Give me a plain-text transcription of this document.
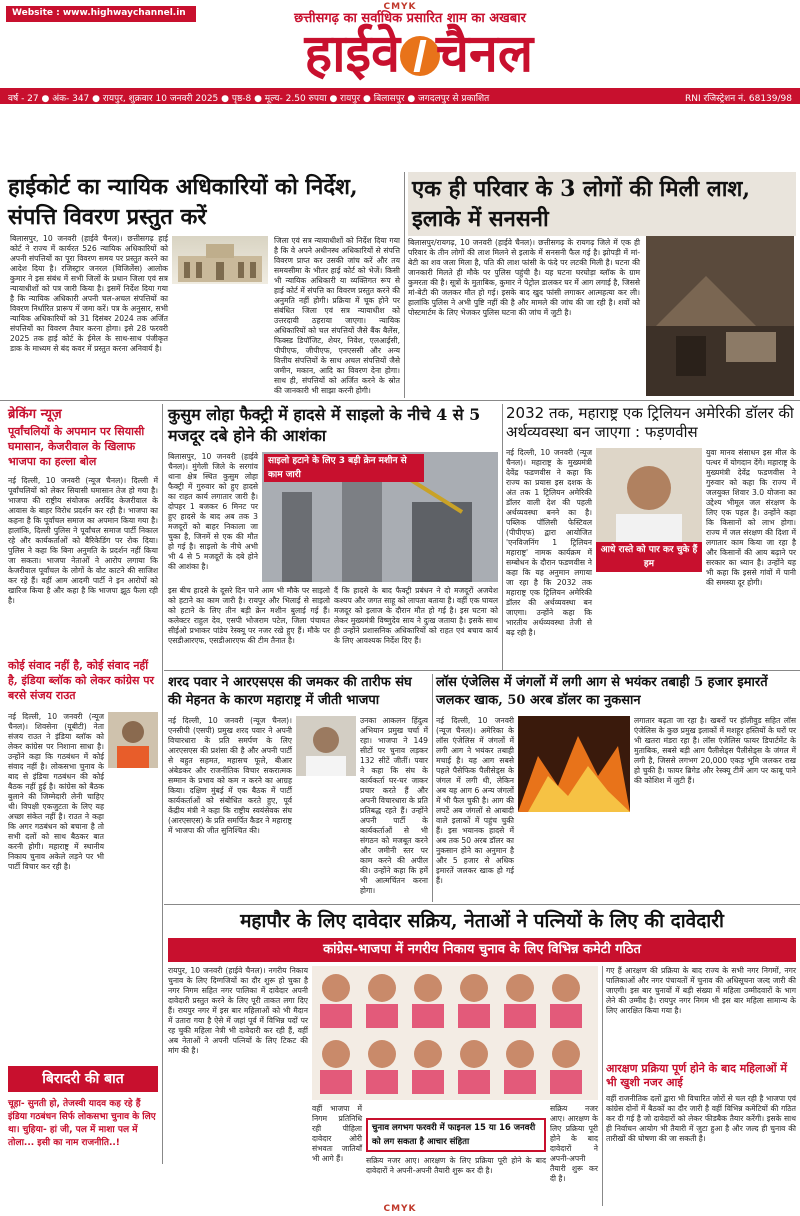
CMYK
Website : www.highwaychannel.in	छत्तीसगढ़ का सर्वाधिक प्रसारित शाम का अखबार
हाईवे चैनल
वर्ष - 27 ● अंक- 347 ● रायपुर, शुक्रवार 10 जनवरी 2025 ● पृष्ठ-8 ● मूल्य- 2.50 रुपया ● रायपुर ● बिलासपुर ● जगदलपुर से प्रकाशित	RNI रजिस्ट्रेशन नं. 68139/98
हाईकोर्ट का न्यायिक अधिकारियों को निर्देश, संपत्ति विवरण प्रस्तुत करें
बिलासपुर, 10 जनवरी (हाईवे चैनल)। छत्तीसगढ़ हाई कोर्ट ने राज्य में कार्यरत 526 न्यायिक अधिकारियों को अपनी संपत्तियों का पूरा विवरण समय पर प्रस्तुत करने का आदेश दिया है। रजिस्ट्रार जनरल (विजिलेंस) आलोक कुमार ने इस संबंध में सभी जिलों के प्रधान जिला एवं सत्र न्यायाधीशों को पत्र जारी किया है। इसमें निर्देश दिया गया है कि न्यायिक अधिकारी अपनी चल-अचल संपत्तियों का विवरण निर्धारित प्रारूप में जमा करें। पत्र के अनुसार, सभी न्यायिक अधिकारियों को 31 दिसंबर 2024 तक अर्जित संपत्तियों का विवरण तैयार करना होगा। इसे 28 फरवरी 2025 तक हाई कोर्ट के ईमेल के साथ-साथ पंजीकृत डाक के माध्यम से बंद कवर में प्रस्तुत करना अनिवार्य है।
जिला एवं सत्र न्यायाधीशों को निर्देश दिया गया है कि वे अपने अधीनस्थ अधिकारियों से संपत्ति विवरण प्राप्त कर उसकी जांच करें और तय समयसीमा के भीतर हाई कोर्ट को भेजें। किसी भी न्यायिक अधिकारी या व्यक्तिगत रूप से हाई कोर्ट में संपत्ति का विवरण प्रस्तुत करने की अनुमति नहीं होगी। प्रक्रिया में चूक होने पर संबंधित जिला एवं सत्र न्यायाधीश को उत्तरदायी ठहराया जाएगा। न्यायिक अधिकारियों को चल संपत्तियों जैसे बैंक बैलेंस, फिक्स्ड डिपॉजिट, शेयर, निवेश, एलआईसी, पीपीएफ, जीपीएफ, एनएससी और अन्य वित्तीय संपत्तियों के साथ अचल संपत्तियों जैसे जमीन, मकान, आदि का विवरण देना होगा। साथ ही, संपत्तियों को अर्जित करने के स्रोत की जानकारी भी साझा करनी होगी।
एक ही परिवार के 3 लोगों की मिली लाश, इलाके में सनसनी
बिलासपुर/रायगढ़, 10 जनवरी (हाईवे चैनल)। छत्तीसगढ़ के रायगढ़ जिले में एक ही परिवार के तीन लोगों की लाश मिलने से इलाके में सनसनी फैल गई है। झोपड़ी में मां-बेटी का शव जला मिला है, पति की लाश फांसी के फंदे पर लटकी मिली है। घटना की जानकारी मिलते ही मौके पर पुलिस पहुंची है। यह घटना घरघोड़ा ब्लॉक के ग्राम कुमरता की है। सूत्रों के मुताबिक, कुमार ने पेट्रोल डालकर घर में आग लगाई है, जिससे मां-बेटी की जलकर मौत हो गई। इसके बाद खुद फांसी लगाकर आत्महत्या कर ली। हालांकि पुलिस ने अभी पुष्टि नहीं की है और मामले की जांच की जा रही है। शवों को पोस्टमार्टम के लिए भेजकर पुलिस घटना की जांच में जुटी है।
ब्रेकिंग न्यूज़
पूर्वांचलियों के अपमान पर सियासी घमासान, केजरीवाल के खिलाफ भाजपा का हल्ला बोल
नई दिल्ली, 10 जनवरी (न्यूज चैनल)। दिल्ली में पूर्वांचलियों को लेकर सियासी घमासान तेज हो गया है। भाजपा की राष्ट्रीय संयोजक अरविंद केजरीवाल के आवास के बाहर विरोध प्रदर्शन कर रही है। भाजपा का कहना है कि पूर्वांचल समाज का अपमान किया गया है। हालांकि, दिल्ली पुलिस ने पूर्वांचल समाज पार्टी निकाल रहे और कार्यकर्ताओं को बैरिकेडिंग पर रोक दिया। पुलिस ने कहा कि बिना अनुमति के प्रदर्शन नहीं किया जा सकता। भाजपा नेताओं ने आरोप लगाया कि केजरीवाल पूर्वांचल के लोगों के वोट काटने की साजिश कर रहे हैं। वहीं आम आदमी पार्टी ने इन आरोपों को खारिज किया है और कहा है कि भाजपा झूठ फैला रही है।
कोई संवाद नहीं है, कोई संवाद नहीं है, इंडिया ब्लॉक को लेकर कांग्रेस पर बरसे संजय राउत
नई दिल्ली, 10 जनवरी (न्यूज चैनल)। शिवसेना (यूबीटी) नेता संजय राउत ने इंडिया ब्लॉक को लेकर कांग्रेस पर निशाना साधा है। उन्होंने कहा कि गठबंधन में कोई संवाद नहीं है। लोकसभा चुनाव के बाद से इंडिया गठबंधन की कोई बैठक नहीं हुई है। कांग्रेस को बैठक बुलाने की जिम्मेदारी लेनी चाहिए थी। विपक्षी एकजुटता के लिए यह अच्छा संकेत नहीं है। राउत ने कहा कि अगर गठबंधन को बचाना है तो सभी दलों को साथ बैठकर बात करनी होगी। महाराष्ट्र में स्थानीय निकाय चुनाव अकेले लड़ने पर भी पार्टी विचार कर रही है।
बिरादरी की बात
चूहा- सुनती हो, तेजस्वी यादव कह रहे हैं इंडिया गठबंधन सिर्फ लोकसभा चुनाव के लिए था। चुहिया- हां जी, पल में माशा पल में तोला... इसी का नाम राजनीति..!
कुसुम लोहा फैक्ट्री में हादसे में साइलो के नीचे 4 से 5 मजदूर दबे होने की आशंका
साइलो हटाने के लिए 3 बड़ी क्रेन मशीन से काम जारी
बिलासपुर, 10 जनवरी (हाईवे चैनल)। मुंगेली जिले के सरगांव थाना क्षेत्र स्थित कुसुम लोहा फैक्ट्री में गुरुवार को हुए हादसे का राहत कार्य लगातार जारी है। दोपहर 1 बजकर 6 मिनट पर हुए हादसे के बाद अब तक 3 मजदूरों को बाहर निकाला जा चुका है, जिनमें से एक की मौत हो गई है। साइलो के नीचे अभी भी 4 से 5 मजदूरों के दबे होने की आशंका है।
इस बीच हादसे के दूसरे दिन पाने आम भी मौके पर साइलो को हटाने का काम जारी है। रायपुर और भिलाई से साइलो को हटाने के लिए तीन बड़ी क्रेन मशीन बुलाई गई हैं। कलेक्टर राहुल देव, एसपी भोजराम पटेल, जिला पंचायत सीईओ प्रभाकर पांडेय रेस्क्यू पर नजर रखे हुए हैं। मौके पर एसडीआरएफ, एसडीआरएफ की टीम तैनात है।
दैं कि हादसे के बाद फैक्ट्री प्रबंधन ने दो मजदूरों अजयेश कश्यप और जगत साहू को लापता बताया है। वहीं एक घायल मजदूर को इलाज के दौरान मौत हो गई है। इस घटना को लेकर मुख्यमंत्री विष्णुदेव साय ने दुःख जताया है। इसके साथ ही उन्होंने प्रशासनिक अधिकारियों को राहत एवं बचाव कार्य के लिए आवश्यक निर्देश दिए हैं।
2032 तक, महाराष्ट्र एक ट्रिलियन अमेरिकी डॉलर की अर्थव्यवस्था बन जाएगा : फड़णवीस
आधे रास्ते को पार कर चुके हैं हम
नई दिल्ली, 10 जनवरी (न्यूज चैनल)। महाराष्ट्र के मुख्यमंत्री देवेंद्र फडणवीस ने कहा कि राज्य का प्रयास इस दशक के अंत तक 1 ट्रिलियन अमेरिकी डॉलर वाली देश की पहली अर्थव्यवस्था बनने का है। पब्लिक पॉलिसी फेस्टिवल (पीपीएफ) द्वारा आयोजित 'एनविजनिंग 1 ट्रिलियन महाराष्ट्र' नामक कार्यक्रम में सम्बोधन के दौरान फडणवीस ने कहा कि यह अनुमान लगाया जा रहा है कि 2032 तक महाराष्ट्र एक ट्रिलियन अमेरिकी डॉलर की अर्थव्यवस्था बन जाएगा। उन्होंने कहा कि भारतीय अर्थव्यवस्था तेजी से बढ़ रही है।
युवा मानव संसाधन इस मील के पत्थर में योगदान देंगे। महाराष्ट्र के मुख्यमंत्री देवेंद्र फडणवीस ने गुरुवार को कहा कि राज्य में जलयुक्त शिवार 3.0 योजना का उद्देश्य भीमूल जल संरक्षण के लिए एक पहल है। उन्होंने कहा कि किसानों को लाभ होगा। राज्य में जल संरक्षण की दिशा में लगातार काम किया जा रहा है और किसानों की आय बढ़ाने पर सरकार का ध्यान है। उन्होंने यह भी कहा कि इससे गांवों में पानी की समस्या दूर होगी।
शरद पवार ने आरएसएस की जमकर की तारीफ संघ की मेहनत के कारण महाराष्ट्र में जीती भाजपा
नई दिल्ली, 10 जनवरी (न्यूज चैनल)। एनसीपी (एसपी) प्रमुख शरद पवार ने अपनी विचारधारा के प्रति समर्पण के लिए आरएसएस की प्रशंसा की है और अपनी पार्टी से बहुत सहमत, महासच फूले, बीआर अंबेडकर और राजनीतिक विचार सकरात्मक सम्मान के प्रभाव को कम न करने का आग्रह किया। दक्षिण मुंबई में एक बैठक में पार्टी कार्यकर्ताओं को संबोधित करते हुए, पूर्व केंद्रीय मंत्री ने कहा कि राष्ट्रीय स्वयंसेवक संघ (आरएसएस) के प्रति समर्पित कैडर ने महाराष्ट्र में भाजपा की जीत सुनिश्चित की।
उनका आकलन हिंदुत्व अभियान प्रमुख चर्चा में रहा। भाजपा ने 149 सीटों पर चुनाव लड़कर 132 सीटें जीतीं। पवार ने कहा कि संघ के कार्यकर्ता घर-घर जाकर प्रचार करते हैं और अपनी विचारधारा के प्रति प्रतिबद्ध रहते हैं। उन्होंने अपनी पार्टी के कार्यकर्ताओं से भी संगठन को मजबूत करने और जमीनी स्तर पर काम करने की अपील की। उन्होंने कहा कि हमें भी आत्मचिंतन करना होगा।
लॉस एंजेलिस में जंगलों में लगी आग से भयंकर तबाही 5 हजार इमारतें जलकर खाक, 50 अरब डॉलर का नुकसान
नई दिल्ली, 10 जनवरी (न्यूज चैनल)। अमेरिका के लॉस एंजेलिस में जंगलों में लगी आग ने भयंकर तबाही मचाई है। यह आग सबसे पहले पैसेफिक पैलीसेड्स के जंगल में लगी थी, लेकिन अब यह आग 6 अन्य जंगलों में भी फैल चुकी है। आग की लपटें अब जंगलों से आबादी वाले इलाकों में पहुंच चुकी हैं। इस भयानक हादसे में अब तक 50 अरब डॉलर का नुकसान होने का अनुमान है और 5 हजार से अधिक इमारतें जलकर खाक हो गई हैं।
लगातार बढ़ता जा रहा है। खबरों पर हॉलीवुड सहित लॉस एंजेलिस के कुछ प्रमुख इलाकों में मशहूर हस्तियों के घरों पर भी खतरा मंडरा रहा है। लॉस एंजेलिस फायर डिपार्टमेंट के मुताबिक, सबसे बड़ी आग पैलीसेड्स पैलीसेड्स के जंगल में लगी है, जिससे लगभग 20,000 एकड़ भूमि जलकर राख हो चुकी है। फायर ब्रिगेड और रेस्क्यू टीमें आग पर काबू पाने की कोशिश में जुटी हैं।
महापौर के लिए दावेदार सक्रिय, नेताओं ने पत्नियों के लिए की दावेदारी
कांग्रेस-भाजपा में नगरीय निकाय चुनाव के लिए विभिन्न कमेटी गठित
रायपुर, 10 जनवरी (हाईवे चैनल)। नगरीय निकाय चुनाव के लिए दिग्गजियों का दौर शुरू हो चुका है नगर निगम सहित नगर पालिका में दावेदार अपनी दावेदारी प्रस्तुत करने के लिए पूरी ताकत लगा दिए हैं। रायपुर नगर में इस बार महिलाओं को भी मैदान में उतारा गया है ऐसे में जहां पूर्व में विभिन्न पदों पर रह चुकी महिला नेत्री भी दावेदारी कर रही हैं, वहीं अब नेताओं ने अपनी पत्नियों के लिए टिकट की मांग की है।
वहीं भाजपा में निगम प्रतिनिधि रही पीहिला दावेदार ओरी संभवतः जातियाँ भी आगे हैं।
चुनाव लगभग फरवरी में फाइनल 15 या 16 जनवरी को लग सकता है आचार संहिता
सक्रिय नजर आए। आरक्षण के लिए प्रक्रिया पूरी होने के बाद दावेदारों ने अपनी-अपनी तैयारी शुरू कर दी है।
सक्रिय नजर आए। आरक्षण के लिए प्रक्रिया पूरी होने के बाद दावेदारों ने अपनी-अपनी तैयारी शुरू कर दी है।
गए हैं आरक्षण की प्रक्रिया के बाद राज्य के सभी नगर निगमों, नगर पालिकाओं और नगर पंचायतों में चुनाव की अधिसूचना जल्द जारी की जाएगी। इस बार चुनावों में बड़ी संख्या में महिला उम्मीदवारों के भाग लेने की उम्मीद है। रायपुर नगर निगम भी इस बार महिला सामान्य के लिए आरक्षित किया गया है।
आरक्षण प्रक्रिया पूर्ण होने के बाद महिलाओं में भी खुशी नजर आई
वहीं राजनीतिक दलों द्वारा भी विचारित जोरों से चल रही है भाजपा एवं कांग्रेस दोनों में बैठकों का दौर जारी है वहीं विभिन्न कमेटियों की गठित कर दी गई है जो दावेदारों को लेकर फीडबैक तैयार करेंगी। इसके साथ ही निर्वाचन आयोग भी तैयारी में जुटा हुआ है और जल्द ही चुनाव की तारीखों की घोषणा की जा सकती है।
CMYK
